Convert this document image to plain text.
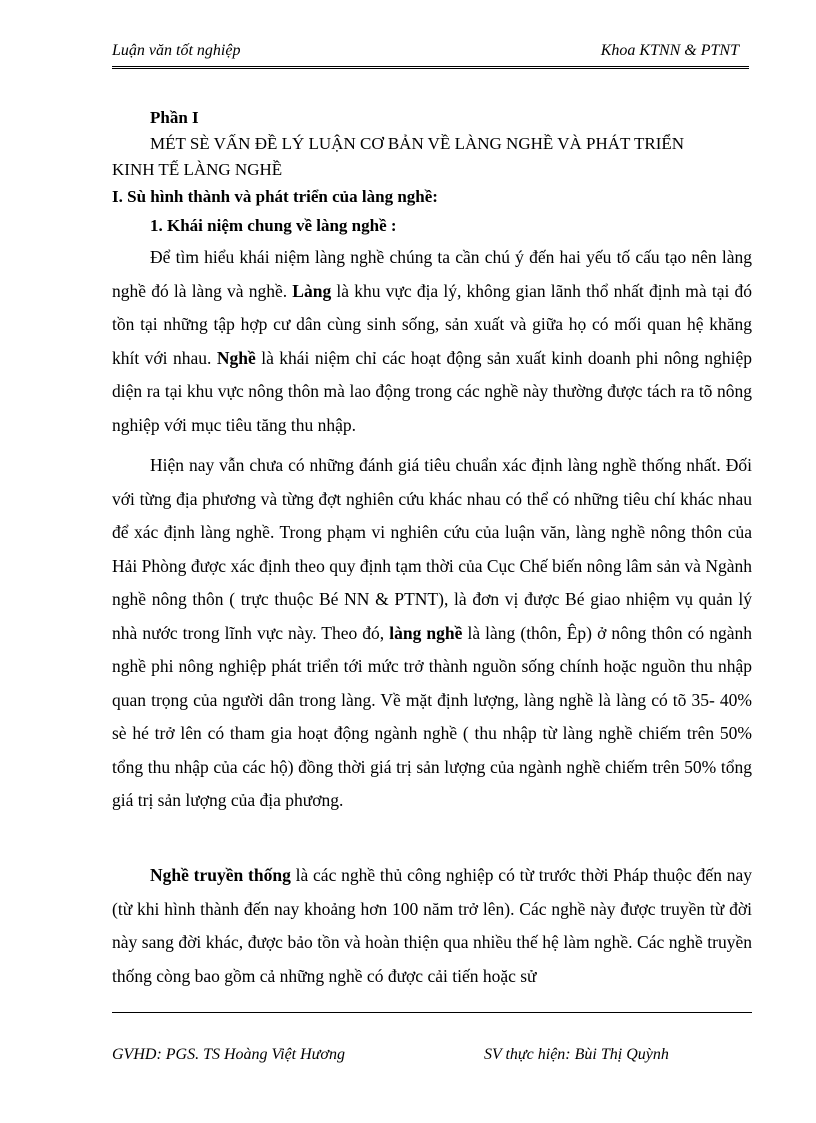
Luận văn tốt nghiệp	Khoa KTNN & PTNT
Phần I
MÉT SÈ VẤN ĐỀ LÝ LUẬN CƠ BẢN VỀ LÀNG NGHỀ VÀ PHÁT TRIỂN
KINH TẾ LÀNG NGHỀ
I. Sù hình thành và phát triển của làng nghề:
1. Khái niệm chung về làng nghề :

Để tìm hiểu khái niệm làng nghề chúng ta cần chú ý đến hai yếu tố cấu tạo nên làng nghề đó là làng và nghề. Làng là khu vực địa lý, không gian lãnh thổ nhất định mà tại đó tồn tại những tập hợp cư dân cùng sinh sống, sản xuất và giữa họ có mối quan hệ khăng khít với nhau. Nghề là khái niệm chỉ các hoạt động sản xuất kinh doanh phi nông nghiệp diện ra tại khu vực nông thôn mà lao động trong các nghề này thường được tách ra tõ nông nghiệp với mục tiêu tăng thu nhập.

Hiện nay vẫn chưa có những đánh giá tiêu chuẩn xác định làng nghề thống nhất. Đối với từng địa phương và từng đợt nghiên cứu khác nhau có thể có những tiêu chí khác nhau để xác định làng nghề. Trong phạm vi nghiên cứu của luận văn, làng nghề nông thôn của Hải Phòng được xác định theo quy định tạm thời của Cục Chế biến nông lâm sản và Ngành nghề nông thôn ( trực thuộc Bé NN & PTNT), là đơn vị được Bé giao nhiệm vụ quản lý nhà nước trong lĩnh vực này. Theo đó, làng nghề là làng (thôn, Êp) ở nông thôn có ngành nghề phi nông nghiệp phát triển tới mức trở thành nguồn sống chính hoặc nguồn thu nhập quan trọng của người dân trong làng. Về mặt định lượng, làng nghề là làng có tõ 35- 40% sè hé trở lên có tham gia hoạt động ngành nghề ( thu nhập từ làng nghề chiếm trên 50% tổng thu nhập của các hộ) đồng thời giá trị sản lượng của ngành nghề chiếm trên 50% tổng giá trị sản lượng của địa phương.

Nghề truyền thống là các nghề thủ công nghiệp có từ trước thời Pháp thuộc đến nay (từ khi hình thành đến nay khoảng hơn 100 năm trở lên). Các nghề này được truyền từ đời này sang đời khác, được bảo tồn và hoàn thiện qua nhiều thế hệ làm nghề. Các nghề truyền thống còng bao gồm cả những nghề có được cải tiến hoặc sử

GVHD: PGS. TS Hoàng Việt Hương	SV thực hiện: Bùi Thị Quỳnh
